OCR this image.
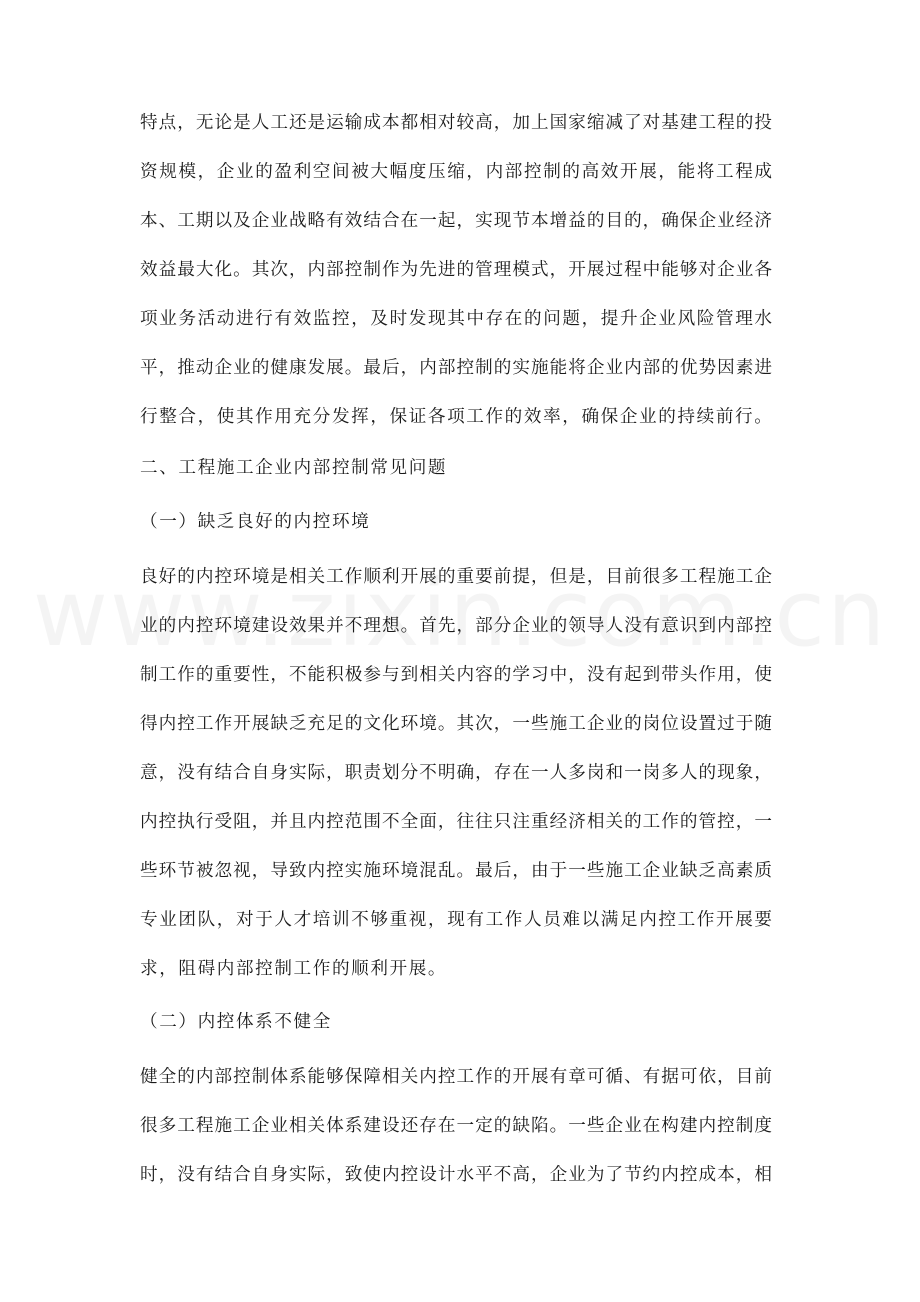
特点，无论是人工还是运输成本都相对较高，加上国家缩减了对基建工程的投
资规模，企业的盈利空间被大幅度压缩，内部控制的高效开展，能将工程成
本、工期以及企业战略有效结合在一起，实现节本增益的目的，确保企业经济
效益最大化。其次，内部控制作为先进的管理模式，开展过程中能够对企业各
项业务活动进行有效监控，及时发现其中存在的问题，提升企业风险管理水
平，推动企业的健康发展。最后，内部控制的实施能将企业内部的优势因素进
行整合，使其作用充分发挥，保证各项工作的效率，确保企业的持续前行。
二、工程施工企业内部控制常见问题
（一）缺乏良好的内控环境
良好的内控环境是相关工作顺利开展的重要前提，但是，目前很多工程施工企
业的内控环境建设效果并不理想。首先，部分企业的领导人没有意识到内部控
制工作的重要性，不能积极参与到相关内容的学习中，没有起到带头作用，使
得内控工作开展缺乏充足的文化环境。其次，一些施工企业的岗位设置过于随
意，没有结合自身实际，职责划分不明确，存在一人多岗和一岗多人的现象，
内控执行受阻，并且内控范围不全面，往往只注重经济相关的工作的管控，一
些环节被忽视，导致内控实施环境混乱。最后，由于一些施工企业缺乏高素质
专业团队，对于人才培训不够重视，现有工作人员难以满足内控工作开展要
求，阻碍内部控制工作的顺利开展。
（二）内控体系不健全
健全的内部控制体系能够保障相关内控工作的开展有章可循、有据可依，目前
很多工程施工企业相关体系建设还存在一定的缺陷。一些企业在构建内控制度
时，没有结合自身实际，致使内控设计水平不高，企业为了节约内控成本，相
